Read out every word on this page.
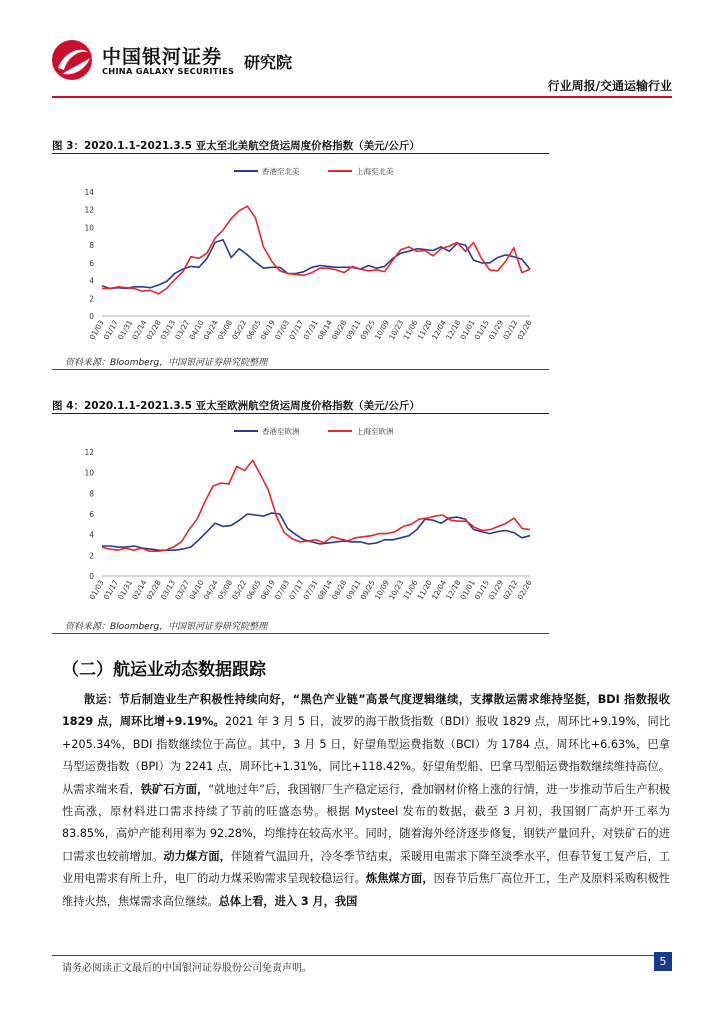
中国银河证券 研究院
CHINA GALAXY SECURITIES
行业周报/交通运输行业
图 3：2020.1.1-2021.3.5 亚太至北美航空货运周度价格指数（美元/公斤）
香港至北美	上海至北美
0
2
4
6
8
10
12
14
01/03
01/17
01/31
02/14
02/28
03/13
03/27
04/10
04/24
05/08
05/22
06/05
06/19
07/03
07/17
07/31
08/14
08/28
09/11
09/25
10/09
10/23
11/06
11/20
12/04
12/18
01/01
01/15
01/29
02/12
02/26
资料来源：Bloomberg，中国银河证券研究院整理
图 4：2020.1.1-2021.3.5 亚太至欧洲航空货运周度价格指数（美元/公斤）
香港至欧洲	上海至欧洲
0
2
4
6
8
10
12
01/03
01/17
01/31
02/14
02/28
03/13
03/27
04/10
04/24
05/08
05/22
06/05
06/19
07/03
07/17
07/31
08/14
08/28
09/11
09/25
10/09
10/23
11/06
11/20
12/04
12/18
01/01
01/15
01/29
02/12
02/26
资料来源：Bloomberg，中国银河证券研究院整理
（二）航运业动态数据跟踪
散运：节后制造业生产积极性持续向好，“黑色产业链”高景气度逻辑继续，支撑散运需求维持坚挺，BDI 指数报收 1829 点，周环比增+9.19%。2021 年 3 月 5 日，波罗的海干散货指数（BDI）报收 1829 点，周环比+9.19%，同比+205.34%，BDI 指数继续位于高位。其中，3 月 5 日，好望角型运费指数（BCI）为 1784 点，周环比+6.63%，巴拿马型运费指数（BPI）为 2241 点，周环比+1.31%，同比+118.42%。好望角型船、巴拿马型船运费指数继续维持高位。从需求端来看，铁矿石方面，“就地过年”后，我国钢厂生产稳定运行，叠加钢材价格上涨的行情，进一步推动节后生产积极性高涨，原材料进口需求持续了节前的旺盛态势。根据 Mysteel 发布的数据，截至 3 月初，我国钢厂高炉开工率为 83.85%，高炉产能利用率为 92.28%，均维持在较高水平。同时，随着海外经济逐步修复，钢铁产量回升，对铁矿石的进口需求也较前增加。动力煤方面，伴随着气温回升，冷冬季节结束，采暖用电需求下降至淡季水平，但春节复工复产后，工业用电需求有所上升，电厂的动力煤采购需求呈现较稳运行。炼焦煤方面，因春节后焦厂高位开工，生产及原料采购积极性维持火热，焦煤需求高位继续。总体上看，进入 3 月，我国
请务必阅读正文最后的中国银河证券股份公司免责声明。
5
